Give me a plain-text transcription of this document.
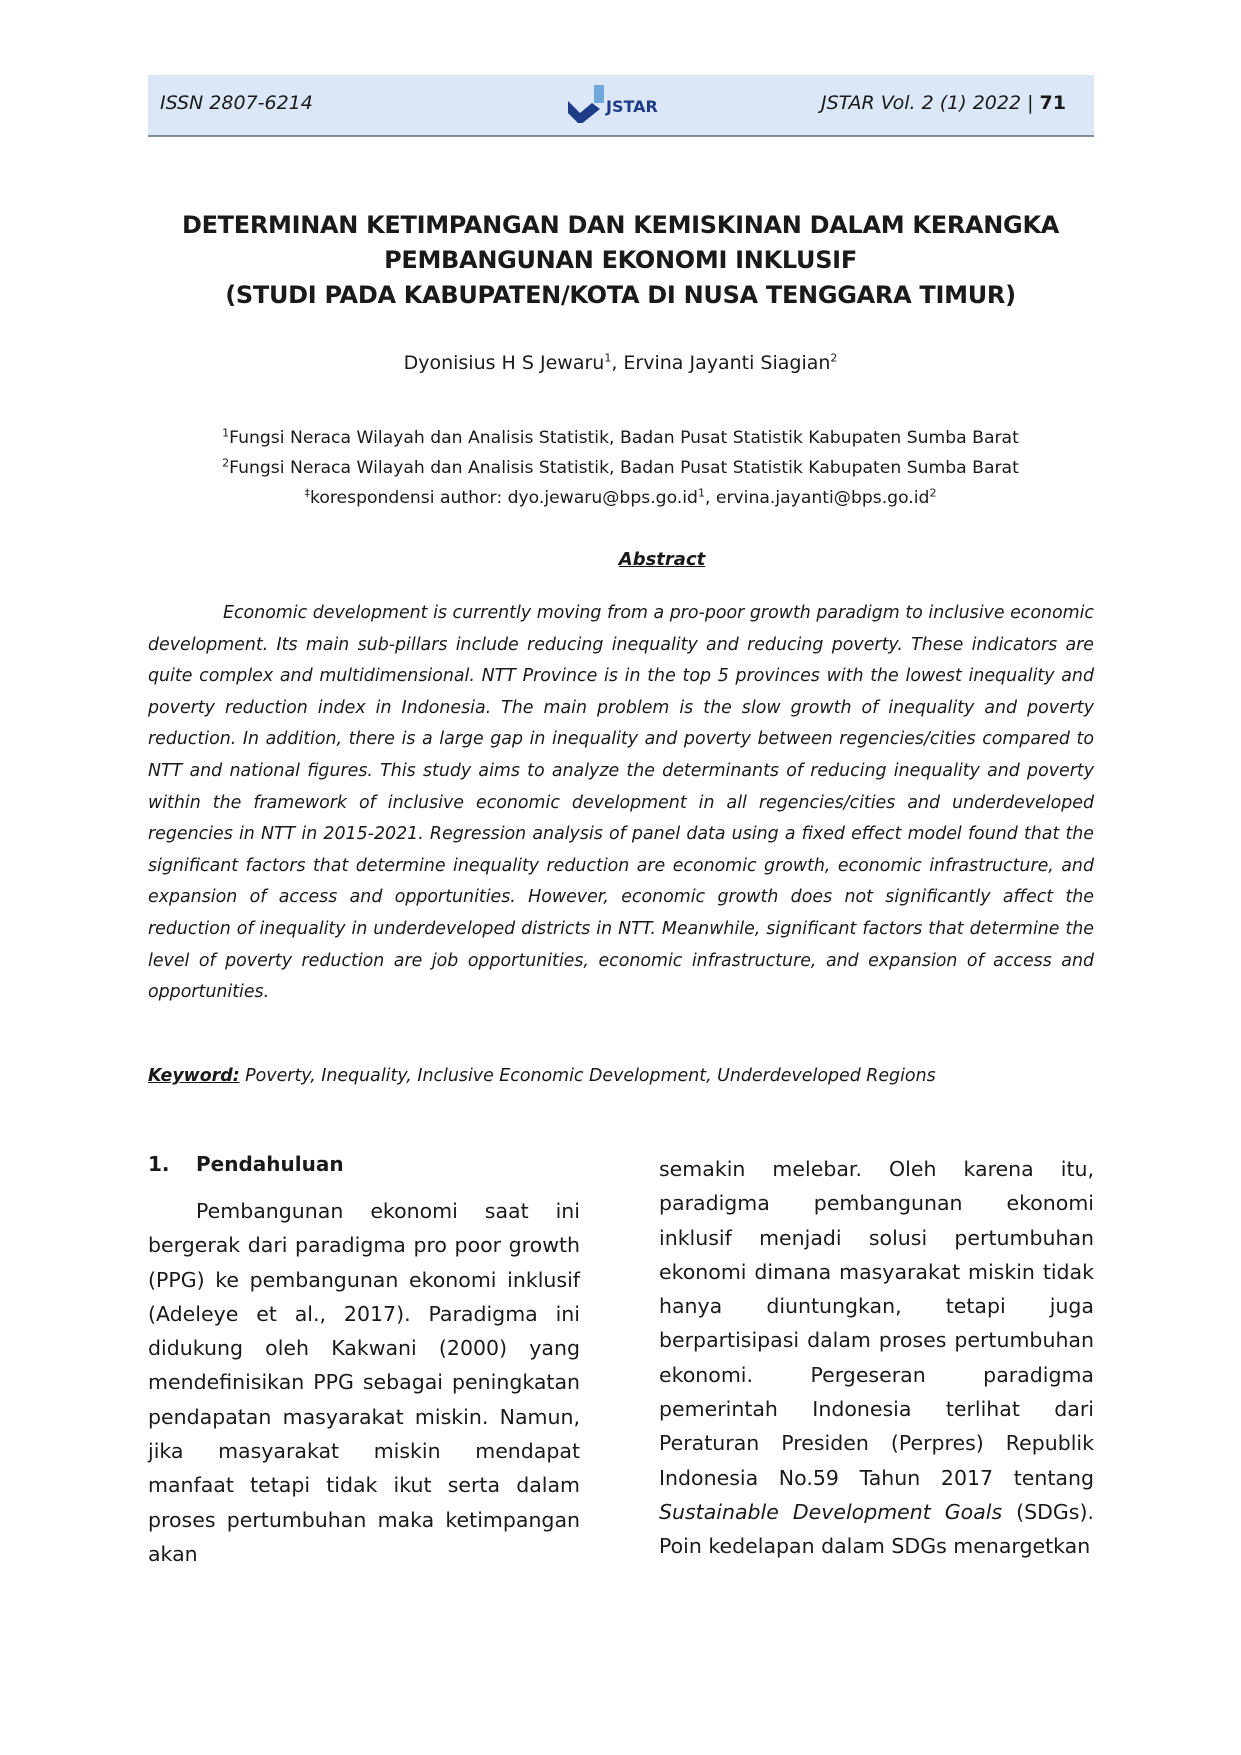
ISSN 2807-6214	JSTAR	JSTAR Vol. 2 (1) 2022 | 71
DETERMINAN KETIMPANGAN DAN KEMISKINAN DALAM KERANGKA
PEMBANGUNAN EKONOMI INKLUSIF
(STUDI PADA KABUPATEN/KOTA DI NUSA TENGGARA TIMUR)
Dyonisius H S Jewaru$^1$, Ervina Jayanti Siagian$^2$
$^1$Fungsi Neraca Wilayah dan Analisis Statistik, Badan Pusat Statistik Kabupaten Sumba Barat
$^2$Fungsi Neraca Wilayah dan Analisis Statistik, Badan Pusat Statistik Kabupaten Sumba Barat
‡korespondensi author: $dyo.jewaru@bps.go.id^1$, $ervina.jayanti@bps.go.id^2$
Abstract

Economic development is currently moving from a pro-poor growth paradigm to inclusive economic development. Its main sub-pillars include reducing inequality and reducing poverty. These indicators are quite complex and multidimensional. NTT Province is in the top 5 provinces with the lowest inequality and poverty reduction index in Indonesia. The main problem is the slow growth of inequality and poverty reduction. In addition, there is a large gap in inequality and poverty between regencies/cities compared to NTT and national figures. This study aims to analyze the determinants of reducing inequality and poverty within the framework of inclusive economic development in all regencies/cities and underdeveloped regencies in NTT in 2015-2021. Regression analysis of panel data using a fixed effect model found that the significant factors that determine inequality reduction are economic growth, economic infrastructure, and expansion of access and opportunities. However, economic growth does not significantly affect the reduction of inequality in underdeveloped districts in NTT. Meanwhile, significant factors that determine the level of poverty reduction are job opportunities, economic infrastructure, and expansion of access and opportunities.

Keyword: Poverty, Inequality, Inclusive Economic Development, Underdeveloped Regions
1. Pendahuluan

Pembangunan ekonomi saat ini bergerak dari paradigma pro poor growth (PPG) ke pembangunan ekonomi inklusif (Adeleye et al., 2017). Paradigma ini didukung oleh Kakwani (2000) yang mendefinisikan PPG sebagai peningkatan pendapatan masyarakat miskin. Namun, jika masyarakat miskin mendapat manfaat tetapi tidak ikut serta dalam proses pertumbuhan maka ketimpangan akan

semakin melebar. Oleh karena itu, paradigma pembangunan ekonomi inklusif menjadi solusi pertumbuhan ekonomi dimana masyarakat miskin tidak hanya diuntungkan, tetapi juga berpartisipasi dalam proses pertumbuhan ekonomi. Pergeseran paradigma pemerintah Indonesia terlihat dari Peraturan Presiden (Perpres) Republik Indonesia No.59 Tahun 2017 tentang Sustainable Development Goals (SDGs). Poin kedelapan dalam SDGs menargetkan
